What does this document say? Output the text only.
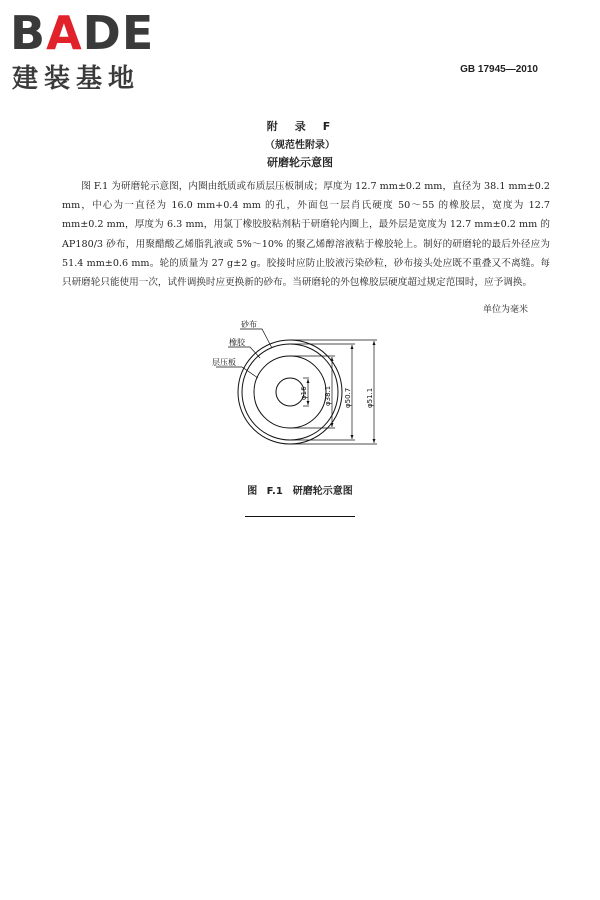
BADE
建装基地	GB 17945—2010
附　录　F
（规范性附录）
研磨轮示意图

图 F.1 为研磨轮示意图，内圈由纸质或布质层压板制成；厚度为 12.7 mm±0.2 mm，直径为 38.1 mm±0.2 mm，中心为一直径为 16.0 mm+0.4 mm 的孔，外面包一层肖氏硬度 50～55 的橡胶层，宽度为 12.7 mm±0.2 mm，厚度为 6.3 mm，用氯丁橡胶胶粘剂粘于研磨轮内圈上，最外层是宽度为 12.7 mm±0.2 mm 的 AP180/3 砂布，用聚醋酸乙烯脂乳液或 5%～10% 的聚乙烯醇溶液粘于橡胶轮上。制好的研磨轮的最后外径应为 51.4 mm±0.6 mm。轮的质量为 27 g±2 g。胶接时应防止胶液污染砂粒，砂布接头处应既不重叠又不离缝。每只研磨轮只能使用一次，试件调换时应更换新的砂布。当研磨轮的外包橡胶层硬度超过规定范围时，应予调换。

单位为毫米
砂布
橡胶
层压板
φ16 φ38.1 φ50.7 φ51.1
图 F.1　研磨轮示意图
